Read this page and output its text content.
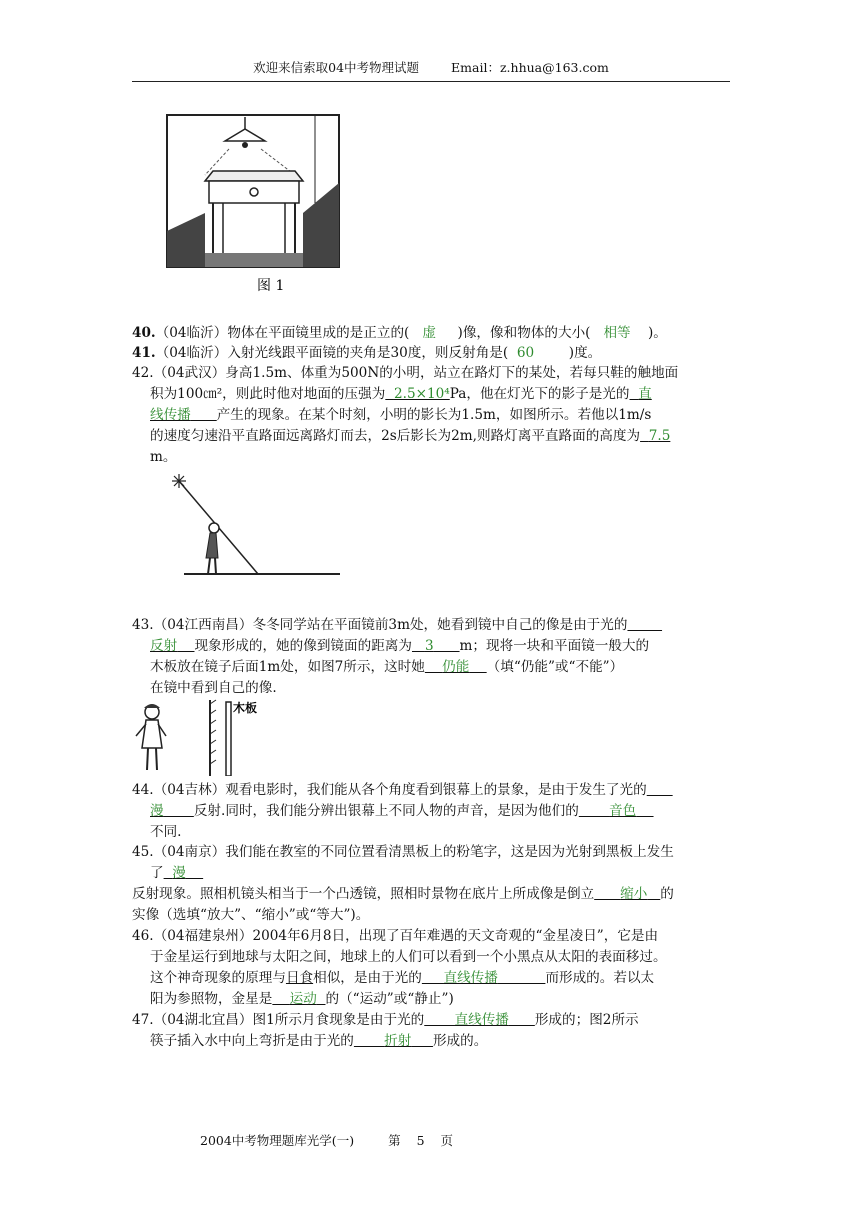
欢迎来信索取04中考物理试题	Email：z.hhua@163.com
图 1
40.（04临沂）物体在平面镜里成的是正立的( 虚 )像，像和物体的大小( 相等 )。
41.（04临沂）入射光线跟平面镜的夹角是30度，则反射角是( 60	)度。
42.（04武汉）身高1.5m、体重为500N的小明，站立在路灯下的某处，若每只鞋的触地面
积为100㎝²，则此时他对地面的压强为 2.5×10⁴Pa，他在灯光下的影子是光的 直
线传播 产生的现象。在某个时刻，小明的影长为1.5m，如图所示。若他以1m/s
的速度匀速沿平直路面远离路灯而去，2s后影长为2m,则路灯离平直路面的高度为 7.5
m。
43.（04江西南昌）冬冬同学站在平面镜前3m处，她看到镜中自己的像是由于光的
反射 现象形成的，她的像到镜面的距离为 3 m；现将一块和平面镜一般大的
木板放在镜子后面1m处，如图7所示，这时她 仍能 （填“仍能”或“不能”）
在镜中看到自己的像.
木板
44.（04吉林）观看电影时，我们能从各个角度看到银幕上的景象，是由于发生了光的
漫 反射.同时，我们能分辨出银幕上不同人物的声音，是因为他们的 音色
不同.
45.（04南京）我们能在教室的不同位置看清黑板上的粉笔字，这是因为光射到黑板上发生
了 漫
反射现象。照相机镜头相当于一个凸透镜，照相时景物在底片上所成像是倒立 缩小 的
实像（选填“放大”、“缩小”或“等大”)。
46.（04福建泉州）2004年6月8日，出现了百年难遇的天文奇观的“金星凌日”，它是由
于金星运行到地球与太阳之间，地球上的人们可以看到一个小黑点从太阳的表面移过。
这个神奇现象的原理与日食相似，是由于光的 直线传播	而形成的。若以太
阳为参照物，金星是 运动 的（“运动”或“静止”)
47.（04湖北宜昌）图1所示月食现象是由于光的 直线传播 形成的；图2所示
筷子插入水中向上弯折是由于光的 折射 形成的。
2004中考物理题库光学(一)	第 5 页
